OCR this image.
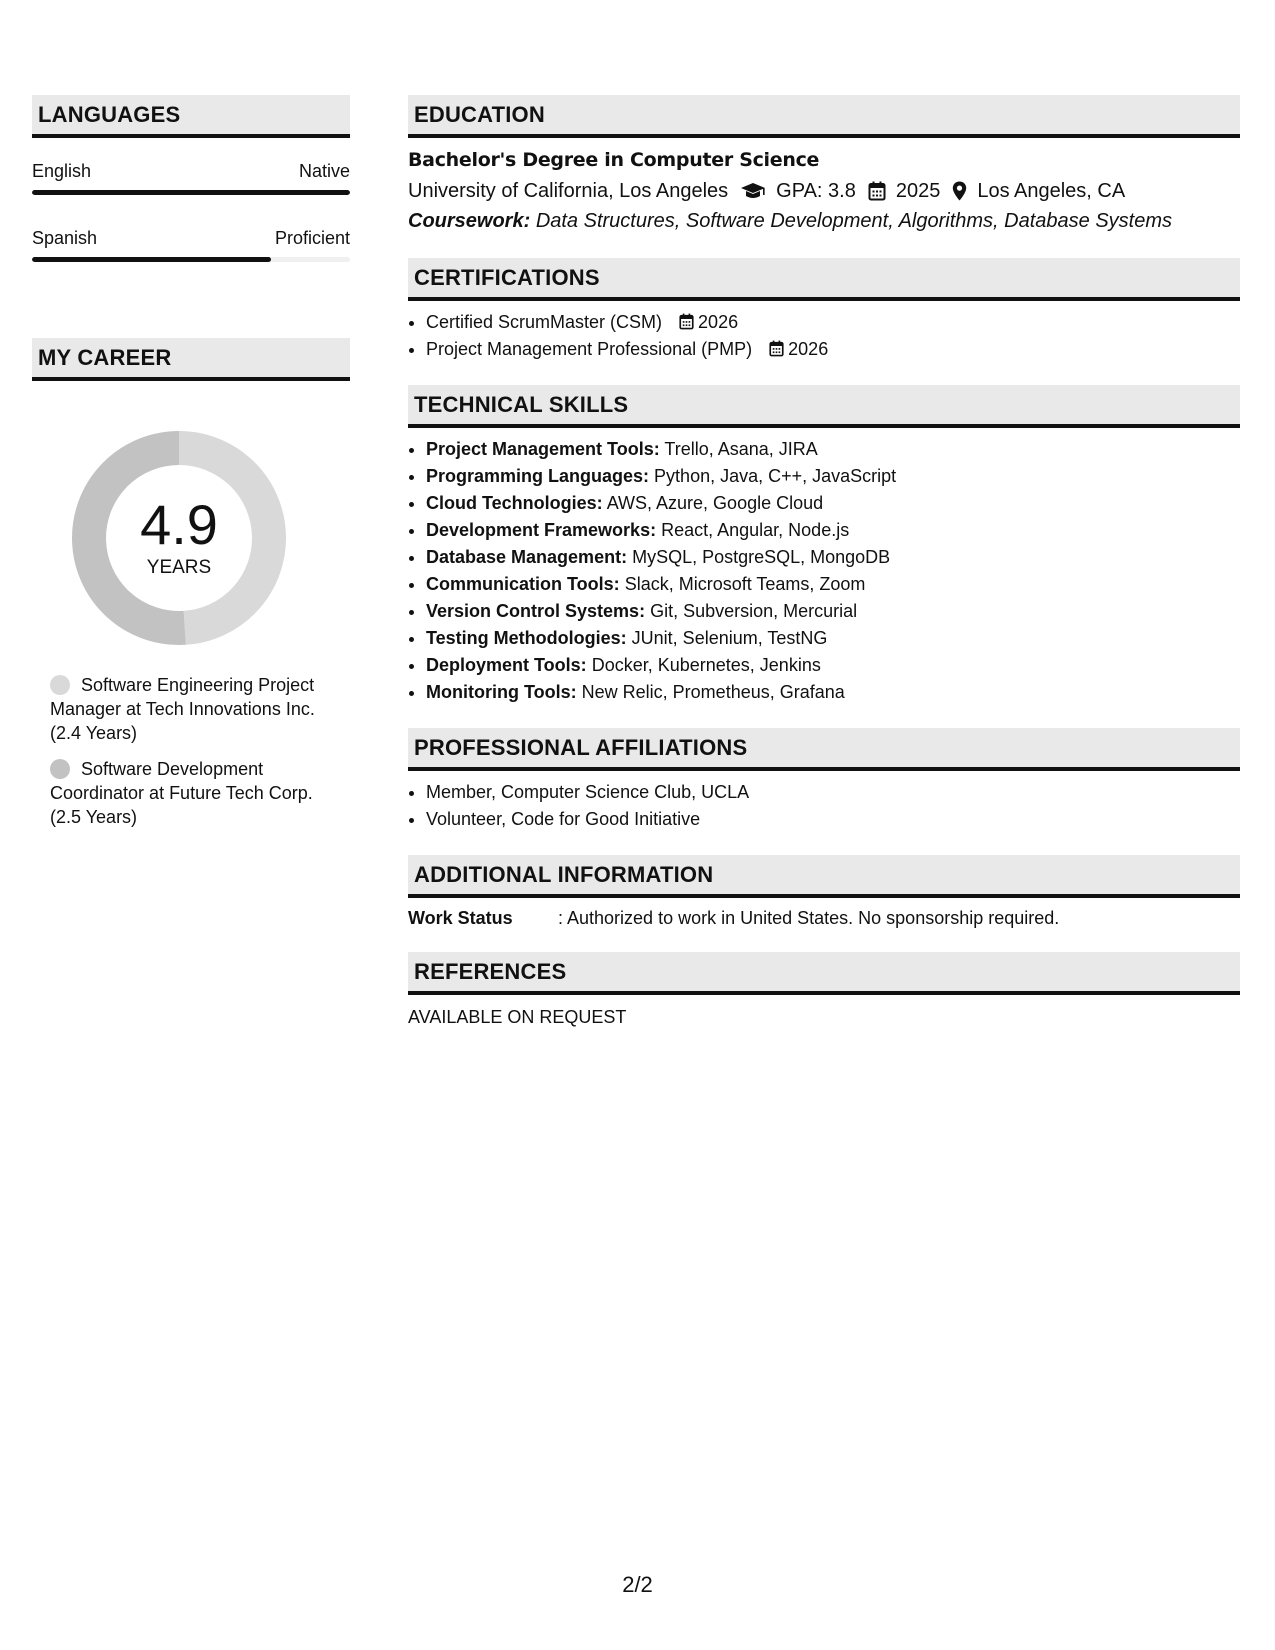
LANGUAGES
English	Native
Spanish	Proficient
MY CAREER
4.9
YEARS
Software Engineering Project Manager at Tech Innovations Inc. (2.4 Years)
Software Development Coordinator at Future Tech Corp. (2.5 Years)
EDUCATION
Bachelor's Degree in Computer Science
University of California, Los Angeles GPA: 3.8 2025 Los Angeles, CA
Coursework: Data Structures, Software Development, Algorithms, Database Systems
CERTIFICATIONS
• Certified ScrumMaster (CSM) 2026
• Project Management Professional (PMP) 2026
TECHNICAL SKILLS
• Project Management Tools: Trello, Asana, JIRA
• Programming Languages: Python, Java, C++, JavaScript
• Cloud Technologies: AWS, Azure, Google Cloud
• Development Frameworks: React, Angular, Node.js
• Database Management: MySQL, PostgreSQL, MongoDB
• Communication Tools: Slack, Microsoft Teams, Zoom
• Version Control Systems: Git, Subversion, Mercurial
• Testing Methodologies: JUnit, Selenium, TestNG
• Deployment Tools: Docker, Kubernetes, Jenkins
• Monitoring Tools: New Relic, Prometheus, Grafana
PROFESSIONAL AFFILIATIONS
• Member, Computer Science Club, UCLA
• Volunteer, Code for Good Initiative
ADDITIONAL INFORMATION
Work Status	: Authorized to work in United States. No sponsorship required.
REFERENCES
AVAILABLE ON REQUEST
2/2
